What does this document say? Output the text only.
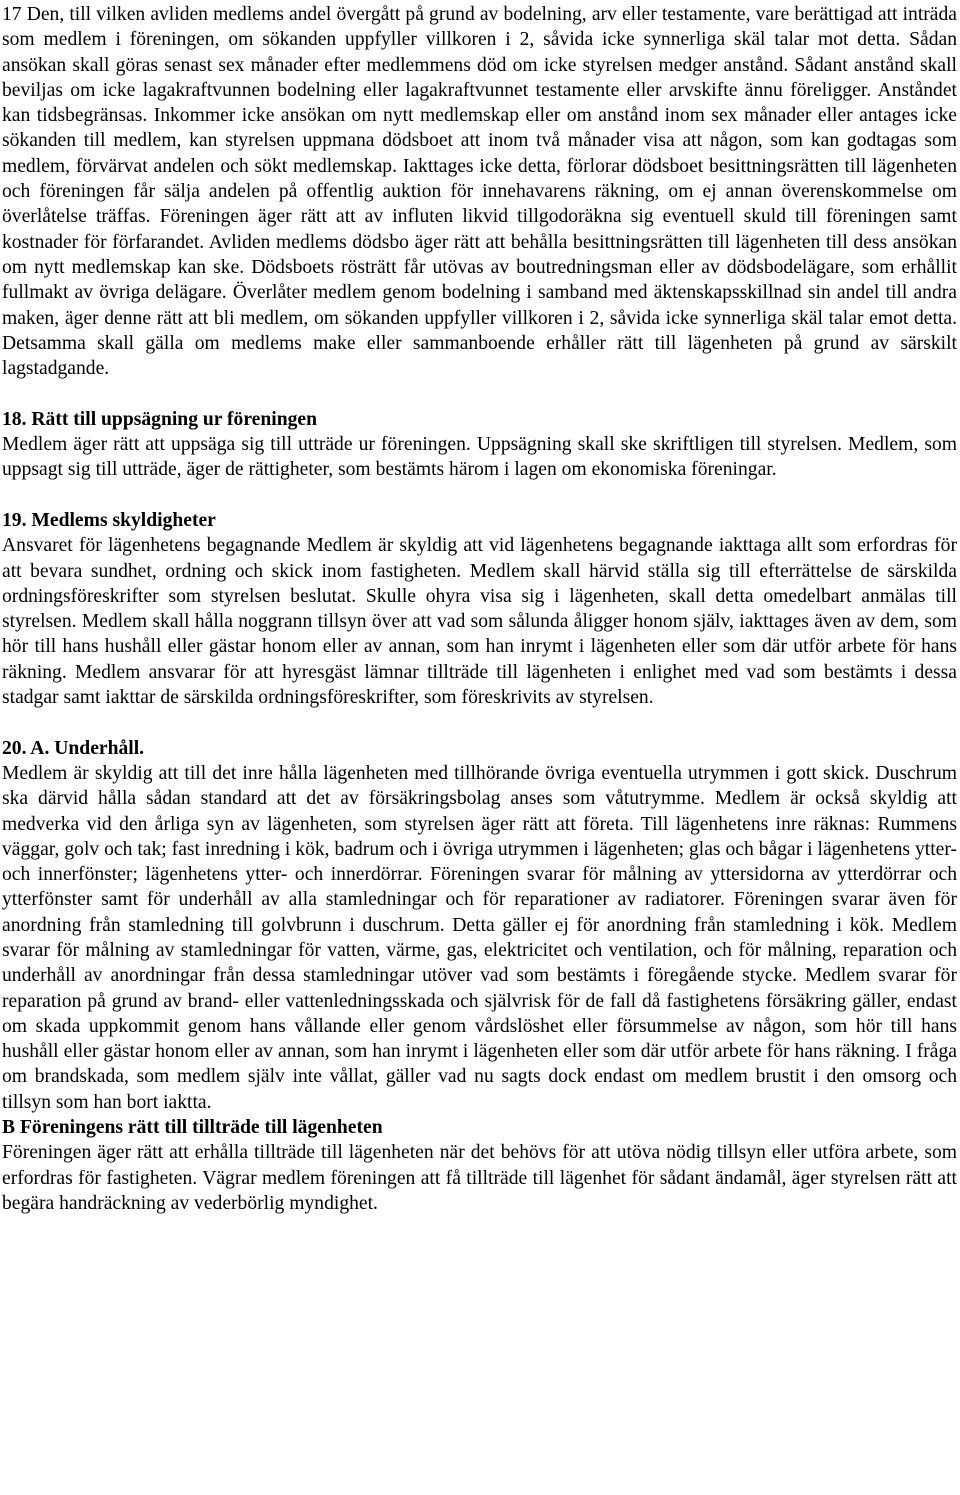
17 Den, till vilken avliden medlems andel övergått på grund av bodelning, arv eller testamente, vare berättigad att inträda som medlem i föreningen, om sökanden uppfyller villkoren i 2, såvida icke synnerliga skäl talar mot detta. Sådan ansökan skall göras senast sex månader efter medlemmens död om icke styrelsen medger anstånd. Sådant anstånd skall beviljas om icke lagakraftvunnen bodelning eller lagakraftvunnet testamente eller arvskifte ännu föreligger. Anståndet kan tidsbegränsas. Inkommer icke ansökan om nytt medlemskap eller om anstånd inom sex månader eller antages icke sökanden till medlem, kan styrelsen uppmana dödsboet att inom två månader visa att någon, som kan godtagas som medlem, förvärvat andelen och sökt medlemskap. Iakttages icke detta, förlorar dödsboet besittningsrätten till lägenheten och föreningen får sälja andelen på offentlig auktion för innehavarens räkning, om ej annan överenskommelse om överlåtelse träffas. Föreningen äger rätt att av influten likvid tillgodoräkna sig eventuell skuld till föreningen samt kostnader för förfarandet. Avliden medlems dödsbo äger rätt att behålla besittningsrätten till lägenheten till dess ansökan om nytt medlemskap kan ske. Dödsboets rösträtt får utövas av boutredningsman eller av dödsbodelägare, som erhållit fullmakt av övriga delägare. Överlåter medlem genom bodelning i samband med äktenskapsskillnad sin andel till andra maken, äger denne rätt att bli medlem, om sökanden uppfyller villkoren i 2, såvida icke synnerliga skäl talar emot detta. Detsamma skall gälla om medlems make eller sammanboende erhåller rätt till lägenheten på grund av särskilt lagstadgande.

18. Rätt till uppsägning ur föreningen

Medlem äger rätt att uppsäga sig till utträde ur föreningen. Uppsägning skall ske skriftligen till styrelsen. Medlem, som uppsagt sig till utträde, äger de rättigheter, som bestämts härom i lagen om ekonomiska föreningar.

19. Medlems skyldigheter

Ansvaret för lägenhetens begagnande Medlem är skyldig att vid lägenhetens begagnande iakttaga allt som erfordras för att bevara sundhet, ordning och skick inom fastigheten. Medlem skall härvid ställa sig till efterrättelse de särskilda ordningsföreskrifter som styrelsen beslutat. Skulle ohyra visa sig i lägenheten, skall detta omedelbart anmälas till styrelsen. Medlem skall hålla noggrann tillsyn över att vad som sålunda åligger honom själv, iakttages även av dem, som hör till hans hushåll eller gästar honom eller av annan, som han inrymt i lägenheten eller som där utför arbete för hans räkning. Medlem ansvarar för att hyresgäst lämnar tillträde till lägenheten i enlighet med vad som bestämts i dessa stadgar samt iakttar de särskilda ordningsföreskrifter, som föreskrivits av styrelsen.

20. A. Underhåll.

Medlem är skyldig att till det inre hålla lägenheten med tillhörande övriga eventuella utrymmen i gott skick. Duschrum ska därvid hålla sådan standard att det av försäkringsbolag anses som våtutrymme. Medlem är också skyldig att medverka vid den årliga syn av lägenheten, som styrelsen äger rätt att företa. Till lägenhetens inre räknas: Rummens väggar, golv och tak; fast inredning i kök, badrum och i övriga utrymmen i lägenheten; glas och bågar i lägenhetens ytter- och innerfönster; lägenhetens ytter- och innerdörrar. Föreningen svarar för målning av yttersidorna av ytterdörrar och ytterfönster samt för underhåll av alla stamledningar och för reparationer av radiatorer. Föreningen svarar även för anordning från stamledning till golvbrunn i duschrum. Detta gäller ej för anordning från stamledning i kök. Medlem svarar för målning av stamledningar för vatten, värme, gas, elektricitet och ventilation, och för målning, reparation och underhåll av anordningar från dessa stamledningar utöver vad som bestämts i föregående stycke. Medlem svarar för reparation på grund av brand- eller vattenledningsskada och självrisk för de fall då fastighetens försäkring gäller, endast om skada uppkommit genom hans vållande eller genom vårdslöshet eller försummelse av någon, som hör till hans hushåll eller gästar honom eller av annan, som han inrymt i lägenheten eller som där utför arbete för hans räkning. I fråga om brandskada, som medlem själv inte vållat, gäller vad nu sagts dock endast om medlem brustit i den omsorg och tillsyn som han bort iaktta.

B Föreningens rätt till tillträde till lägenheten

Föreningen äger rätt att erhålla tillträde till lägenheten när det behövs för att utöva nödig tillsyn eller utföra arbete, som erfordras för fastigheten. Vägrar medlem föreningen att få tillträde till lägenhet för sådant ändamål, äger styrelsen rätt att begära handräckning av vederbörlig myndighet.
